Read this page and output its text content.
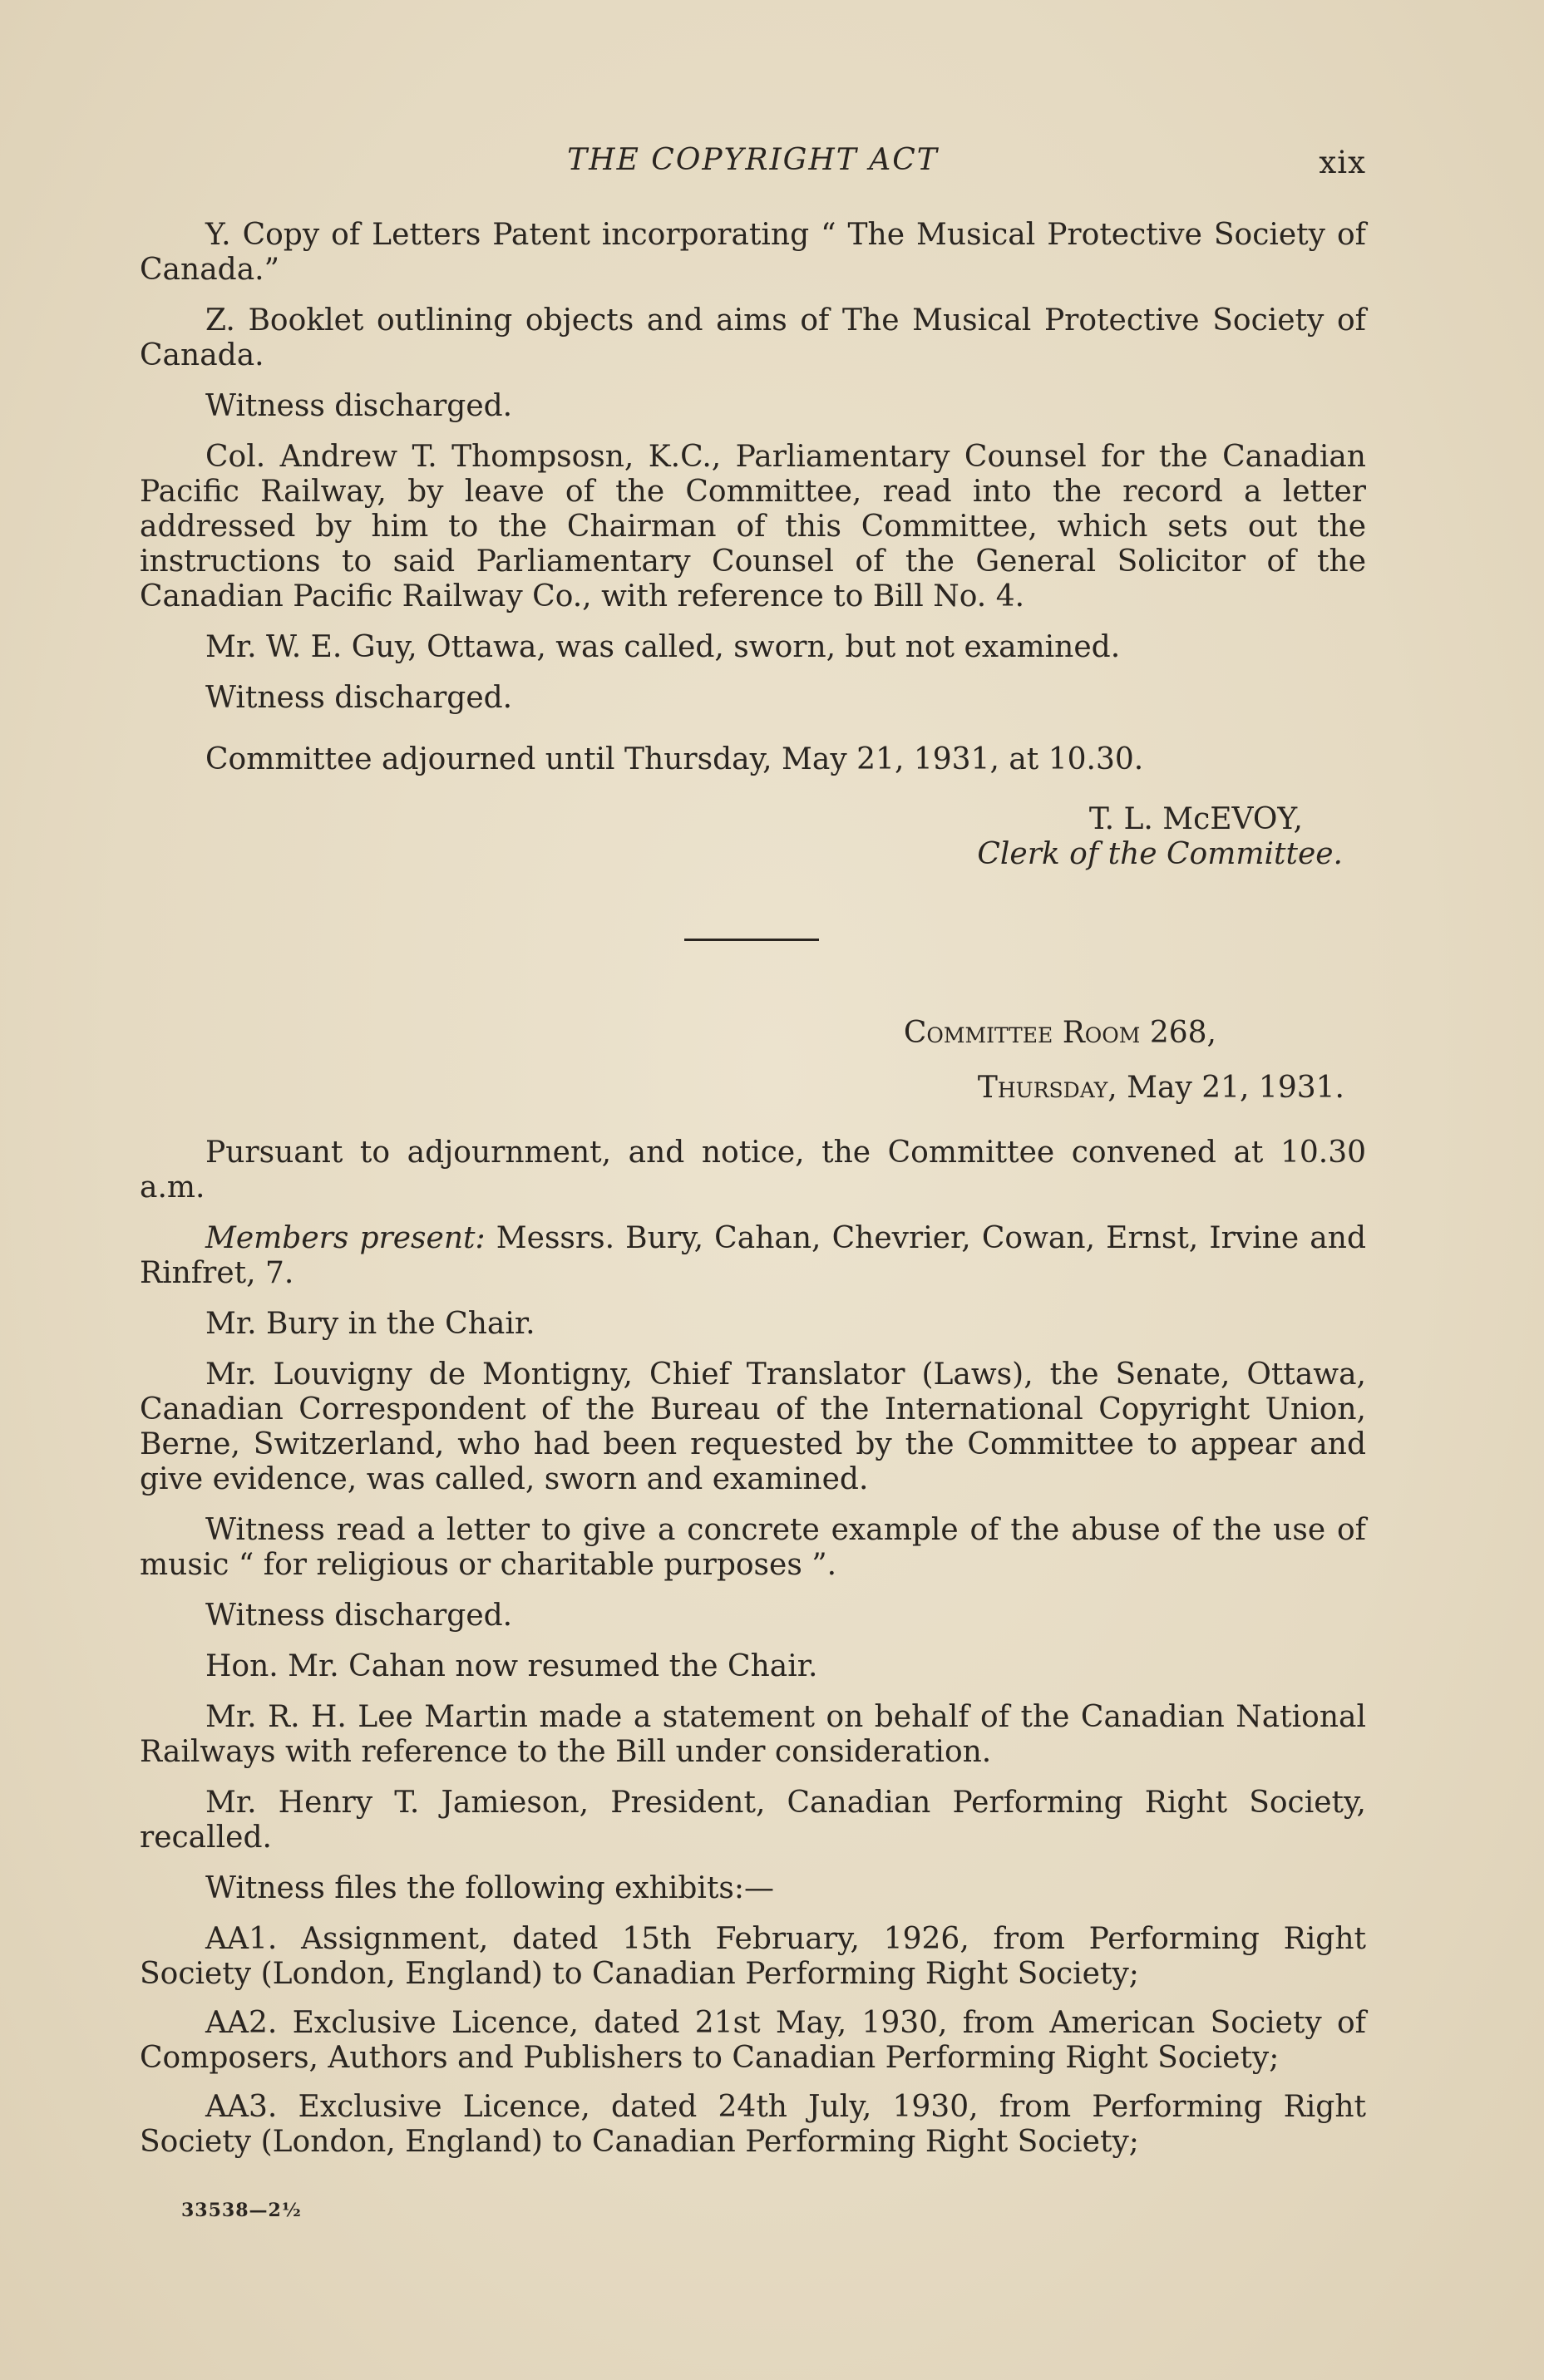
THE COPYRIGHT ACT	xix

Y. Copy of Letters Patent incorporating “ The Musical Protective Society of Canada.”

Z. Booklet outlining objects and aims of The Musical Protective Society of Canada.

Witness discharged.

Col. Andrew T. Thompsosn, K.C., Parliamentary Counsel for the Canadian Pacific Railway, by leave of the Committee, read into the record a letter addressed by him to the Chairman of this Committee, which sets out the instructions to said Parliamentary Counsel of the General Solicitor of the Canadian Pacific Railway Co., with reference to Bill No. 4.

Mr. W. E. Guy, Ottawa, was called, sworn, but not examined.

Witness discharged.

Committee adjourned until Thursday, May 21, 1931, at 10.30.

T. L. McEVOY,
Clerk of the Committee.
Committee Room 268,
Thursday, May 21, 1931.

Pursuant to adjournment, and notice, the Committee convened at 10.30 a.m.

Members present: Messrs. Bury, Cahan, Chevrier, Cowan, Ernst, Irvine and Rinfret, 7.

Mr. Bury in the Chair.

Mr. Louvigny de Montigny, Chief Translator (Laws), the Senate, Ottawa, Canadian Correspondent of the Bureau of the International Copyright Union, Berne, Switzerland, who had been requested by the Committee to appear and give evidence, was called, sworn and examined.

Witness read a letter to give a concrete example of the abuse of the use of music “ for religious or charitable purposes ”.

Witness discharged.

Hon. Mr. Cahan now resumed the Chair.

Mr. R. H. Lee Martin made a statement on behalf of the Canadian National Railways with reference to the Bill under consideration.

Mr. Henry T. Jamieson, President, Canadian Performing Right Society, recalled.

Witness files the following exhibits:—

AA1. Assignment, dated 15th February, 1926, from Performing Right Society (London, England) to Canadian Performing Right Society;

AA2. Exclusive Licence, dated 21st May, 1930, from American Society of Composers, Authors and Publishers to Canadian Performing Right Society;

AA3. Exclusive Licence, dated 24th July, 1930, from Performing Right Society (London, England) to Canadian Performing Right Society;

33538—2½
